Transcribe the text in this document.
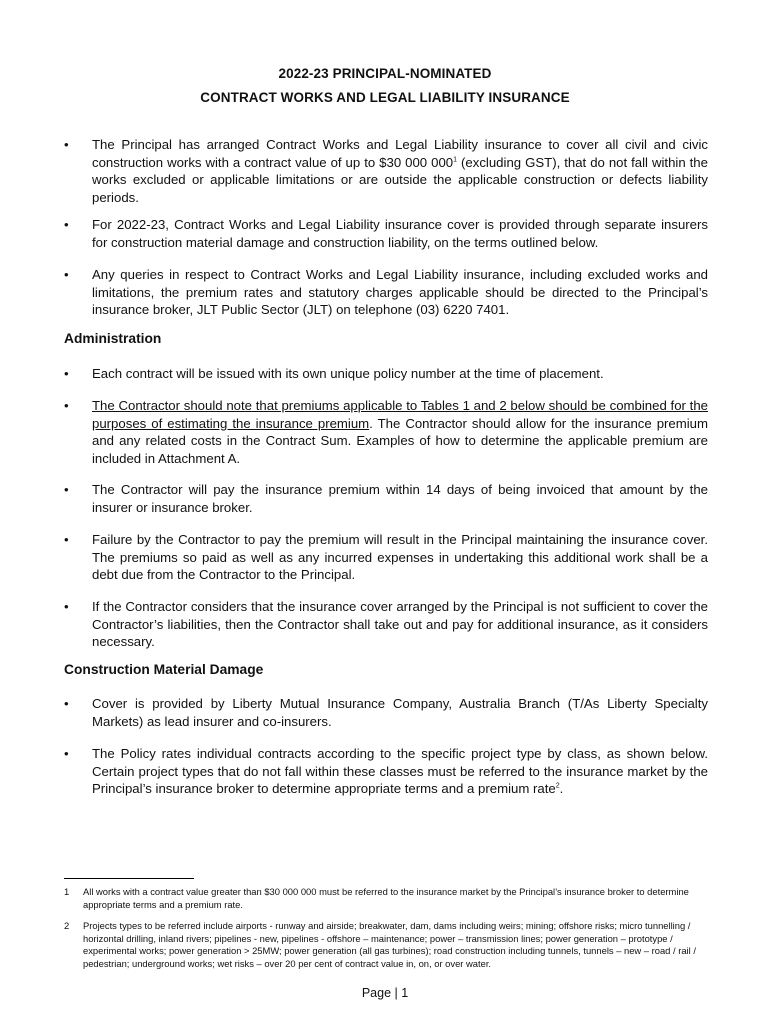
2022-23 PRINCIPAL-NOMINATED
CONTRACT WORKS AND LEGAL LIABILITY INSURANCE
•	The Principal has arranged Contract Works and Legal Liability insurance to cover all civil and civic construction works with a contract value of up to $30 000 $000^1$ (excluding GST), that do not fall within the works excluded or applicable limitations or are outside the applicable construction or defects liability periods.
•	For 2022-23, Contract Works and Legal Liability insurance cover is provided through separate insurers for construction material damage and construction liability, on the terms outlined below.
•	Any queries in respect to Contract Works and Legal Liability insurance, including excluded works and limitations, the premium rates and statutory charges applicable should be directed to the Principal’s insurance broker, JLT Public Sector (JLT) on telephone (03) 6220 7401.
Administration
•	Each contract will be issued with its own unique policy number at the time of placement.
•	The Contractor should note that premiums applicable to Tables 1 and 2 below should be combined for the purposes of estimating the insurance premium. The Contractor should allow for the insurance premium and any related costs in the Contract Sum. Examples of how to determine the applicable premium are included in Attachment A.
•	The Contractor will pay the insurance premium within 14 days of being invoiced that amount by the insurer or insurance broker.
•	Failure by the Contractor to pay the premium will result in the Principal maintaining the insurance cover. The premiums so paid as well as any incurred expenses in undertaking this additional work shall be a debt due from the Contractor to the Principal.
•	If the Contractor considers that the insurance cover arranged by the Principal is not sufficient to cover the Contractor’s liabilities, then the Contractor shall take out and pay for additional insurance, as it considers necessary.
Construction Material Damage
•	Cover is provided by Liberty Mutual Insurance Company, Australia Branch (T/As Liberty Specialty Markets) as lead insurer and co-insurers.
•	The Policy rates individual contracts according to the specific project type by class, as shown below. Certain project types that do not fall within these classes must be referred to the insurance market by the Principal’s insurance broker to determine appropriate terms and a premium rate$^2$.
1 All works with a contract value greater than $30 000 000 must be referred to the insurance market by the Principal’s insurance broker to determine appropriate terms and a premium rate.
2 Projects types to be referred include airports - runway and airside; breakwater, dam, dams including weirs; mining; offshore risks; micro tunnelling / horizontal drilling, inland rivers; pipelines - new, pipelines - offshore – maintenance; power – transmission lines; power generation – prototype / experimental works; power generation > 25MW; power generation (all gas turbines); road construction including tunnels, tunnels – new – road / rail / pedestrian; underground works; wet risks – over 20 per cent of contract value in, on, or over water.
Page | 1
